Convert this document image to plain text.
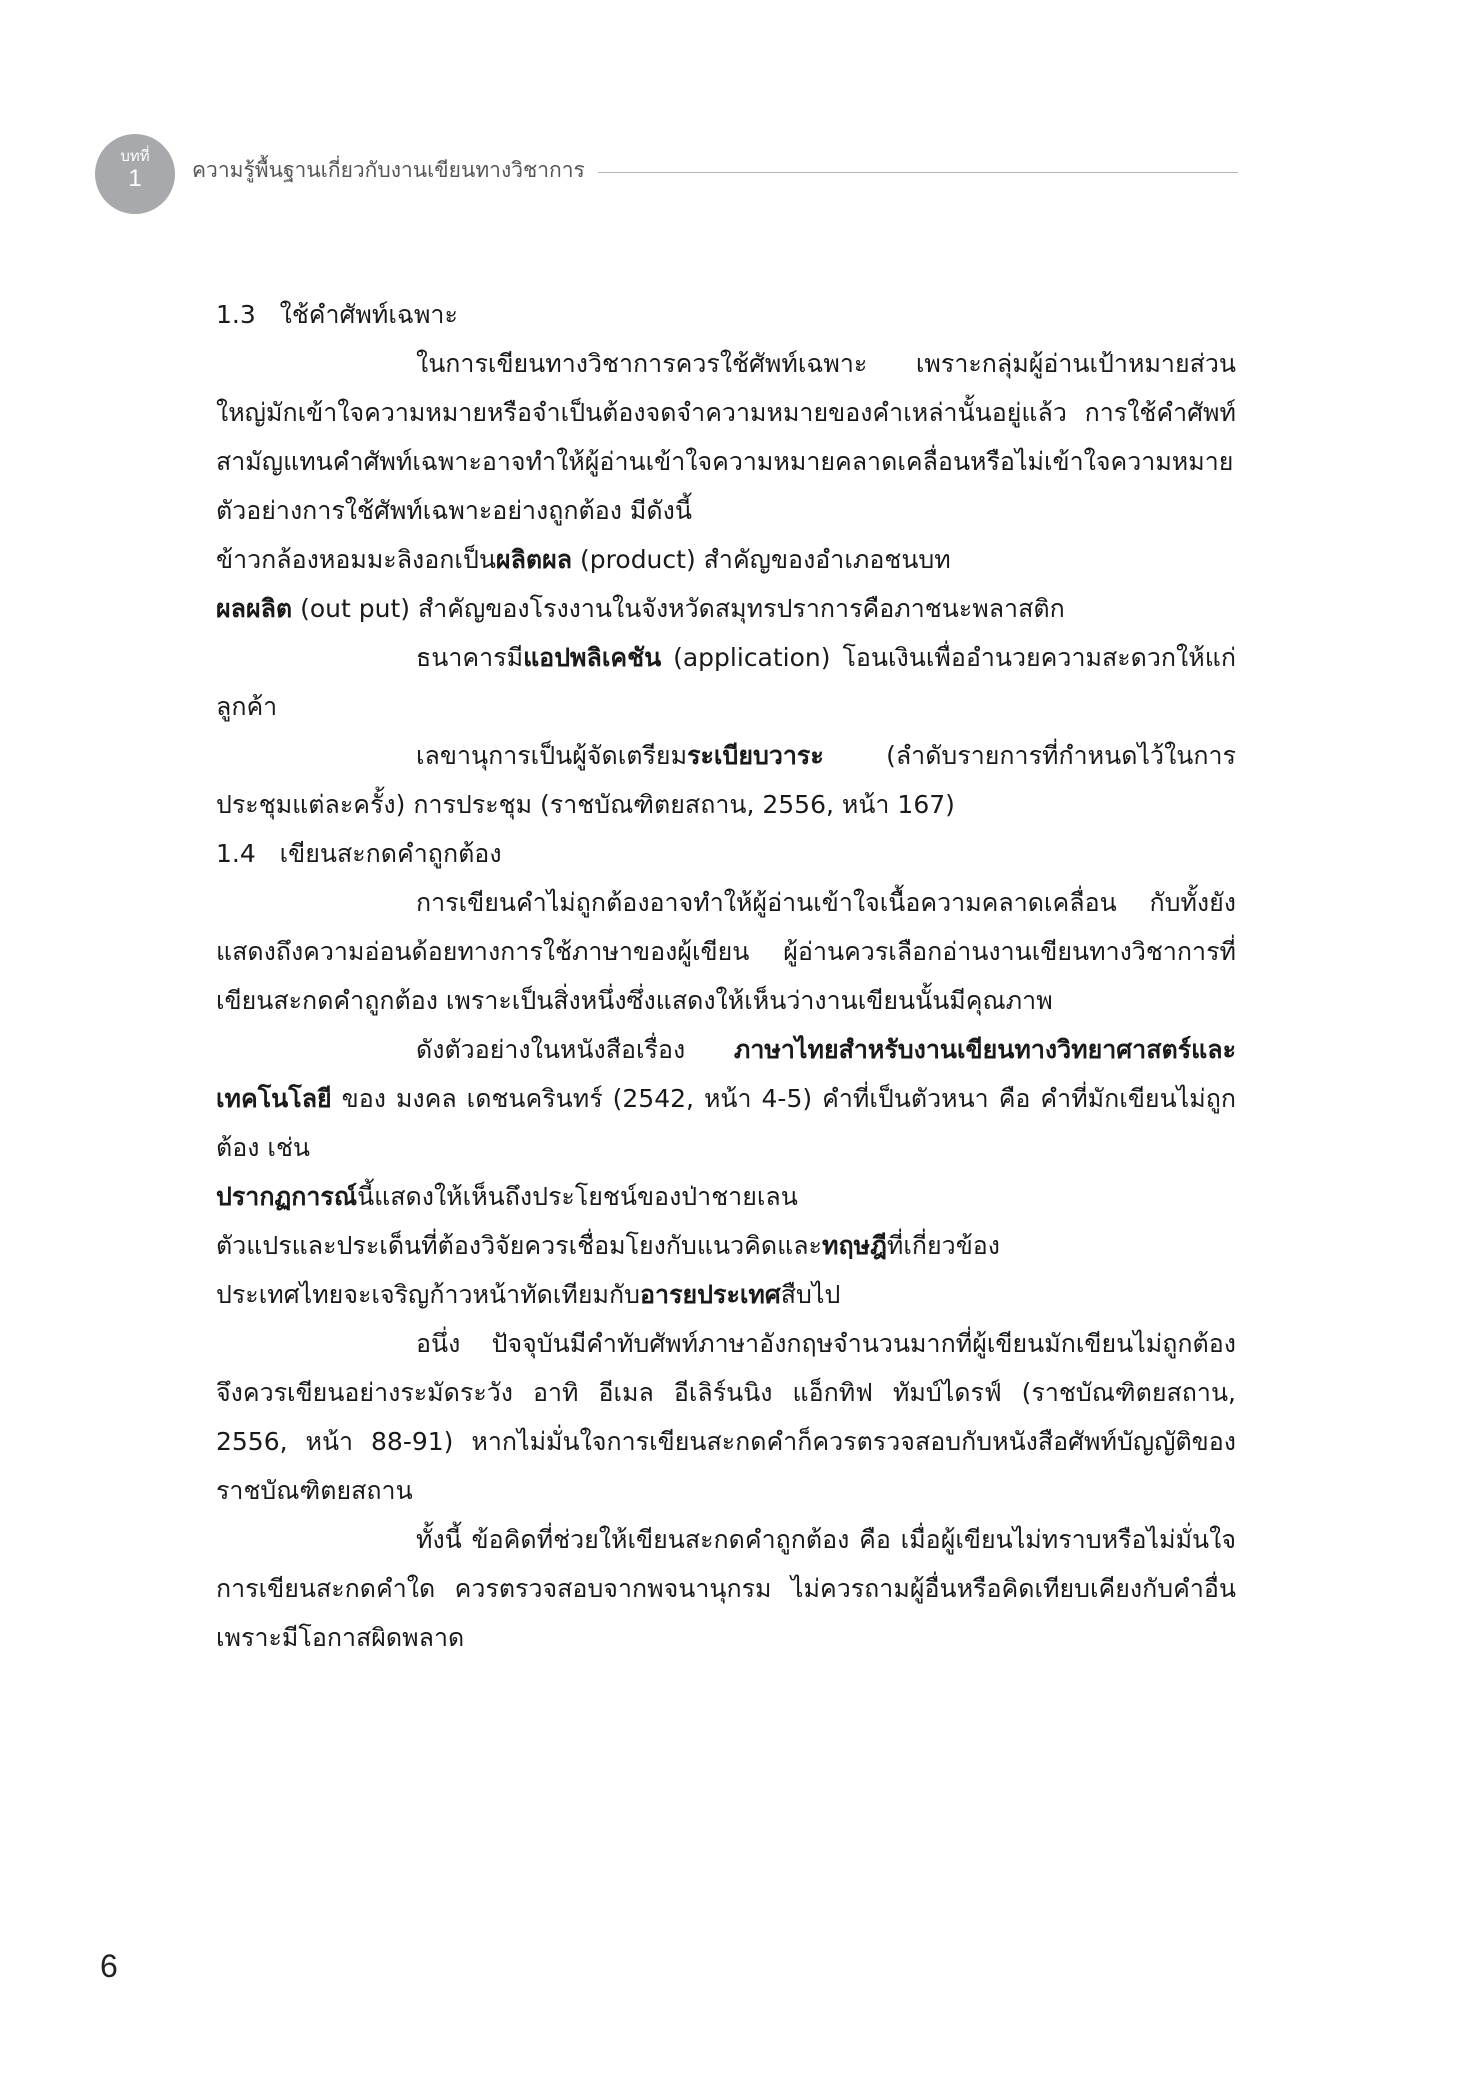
บทที่
1	ความรู้พื้นฐานเกี่ยวกับงานเขียนทางวิชาการ

1.3 ใช้คำศัพท์เฉพาะ

ในการเขียนทางวิชาการควรใช้ศัพท์เฉพาะ เพราะกลุ่มผู้อ่านเป้าหมายส่วนใหญ่มักเข้าใจความหมายหรือจำเป็นต้องจดจำความหมายของคำเหล่านั้นอยู่แล้ว การใช้คำศัพท์สามัญแทนคำศัพท์เฉพาะอาจทำให้ผู้อ่านเข้าใจความหมายคลาดเคลื่อนหรือไม่เข้าใจความหมาย

ตัวอย่างการใช้ศัพท์เฉพาะอย่างถูกต้อง มีดังนี้

ข้าวกล้องหอมมะลิงอกเป็นผลิตผล (product) สำคัญของอำเภอชนบท

ผลผลิต (out put) สำคัญของโรงงานในจังหวัดสมุทรปราการคือภาชนะพลาสติก

ธนาคารมีแอปพลิเคชัน (application) โอนเงินเพื่ออำนวยความสะดวกให้แก่ลูกค้า

เลขานุการเป็นผู้จัดเตรียมระเบียบวาระ (ลำดับรายการที่กำหนดไว้ในการประชุมแต่ละครั้ง) การประชุม (ราชบัณฑิตยสถาน, 2556, หน้า 167)

1.4 เขียนสะกดคำถูกต้อง

การเขียนคำไม่ถูกต้องอาจทำให้ผู้อ่านเข้าใจเนื้อความคลาดเคลื่อน กับทั้งยังแสดงถึงความอ่อนด้อยทางการใช้ภาษาของผู้เขียน ผู้อ่านควรเลือกอ่านงานเขียนทางวิชาการที่เขียนสะกดคำถูกต้อง เพราะเป็นสิ่งหนึ่งซึ่งแสดงให้เห็นว่างานเขียนนั้นมีคุณภาพ

ดังตัวอย่างในหนังสือเรื่อง ภาษาไทยสำหรับงานเขียนทางวิทยาศาสตร์และเทคโนโลยี ของ มงคล เดชนครินทร์ (2542, หน้า 4-5) คำที่เป็นตัวหนา คือ คำที่มักเขียนไม่ถูกต้อง เช่น

ปรากฏการณ์นี้แสดงให้เห็นถึงประโยชน์ของป่าชายเลน

ตัวแปรและประเด็นที่ต้องวิจัยควรเชื่อมโยงกับแนวคิดและทฤษฎีที่เกี่ยวข้อง

ประเทศไทยจะเจริญก้าวหน้าทัดเทียมกับอารยประเทศสืบไป

อนึ่ง ปัจจุบันมีคำทับศัพท์ภาษาอังกฤษจำนวนมากที่ผู้เขียนมักเขียนไม่ถูกต้อง จึงควรเขียนอย่างระมัดระวัง อาทิ อีเมล อีเลิร์นนิง แอ็กทิฟ ทัมบ์ไดรฟ์ (ราชบัณฑิตยสถาน, 2556, หน้า 88-91) หากไม่มั่นใจการเขียนสะกดคำก็ควรตรวจสอบกับหนังสือศัพท์บัญญัติของราชบัณฑิตยสถาน

ทั้งนี้ ข้อคิดที่ช่วยให้เขียนสะกดคำถูกต้อง คือ เมื่อผู้เขียนไม่ทราบหรือไม่มั่นใจการเขียนสะกดคำใด ควรตรวจสอบจากพจนานุกรม ไม่ควรถามผู้อื่นหรือคิดเทียบเคียงกับคำอื่นเพราะมีโอกาสผิดพลาด

6
